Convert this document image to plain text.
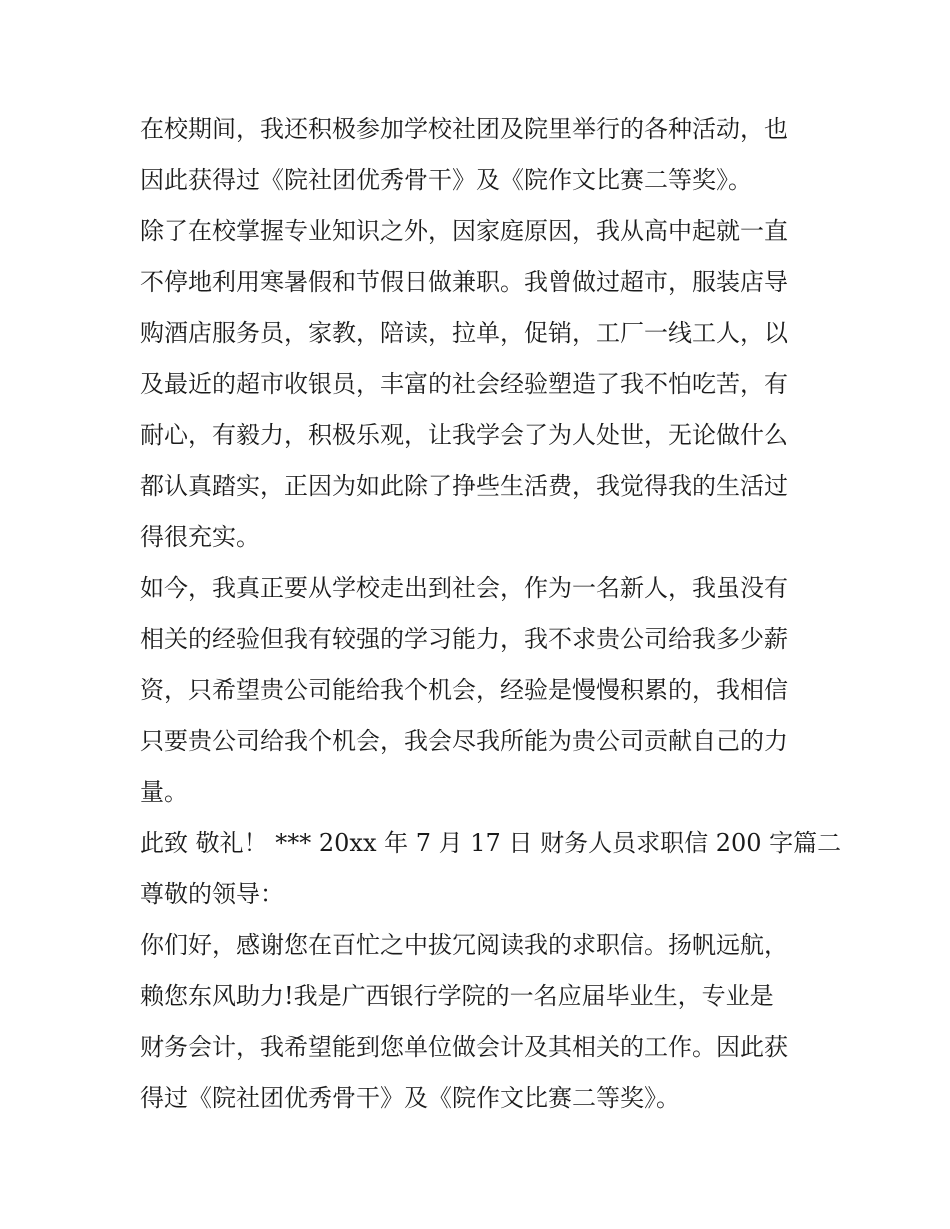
在校期间，我还积极参加学校社团及院里举行的各种活动，也
因此获得过《院社团优秀骨干》及《院作文比赛二等奖》。
除了在校掌握专业知识之外，因家庭原因，我从高中起就一直
不停地利用寒暑假和节假日做兼职。我曾做过超市，服装店导
购酒店服务员，家教，陪读，拉单，促销，工厂一线工人，以
及最近的超市收银员，丰富的社会经验塑造了我不怕吃苦，有
耐心，有毅力，积极乐观，让我学会了为人处世，无论做什么
都认真踏实，正因为如此除了挣些生活费，我觉得我的生活过
得很充实。
如今，我真正要从学校走出到社会，作为一名新人，我虽没有
相关的经验但我有较强的学习能力，我不求贵公司给我多少薪
资，只希望贵公司能给我个机会，经验是慢慢积累的，我相信
只要贵公司给我个机会，我会尽我所能为贵公司贡献自己的力
量。
此致 敬礼！ *** 20xx 年 7 月 17 日 财务人员求职信 200 字篇二
尊敬的领导：
你们好，感谢您在百忙之中拔冗阅读我的求职信。扬帆远航，
赖您东风助力!我是广西银行学院的一名应届毕业生，专业是
财务会计，我希望能到您单位做会计及其相关的工作。因此获
得过《院社团优秀骨干》及《院作文比赛二等奖》。
